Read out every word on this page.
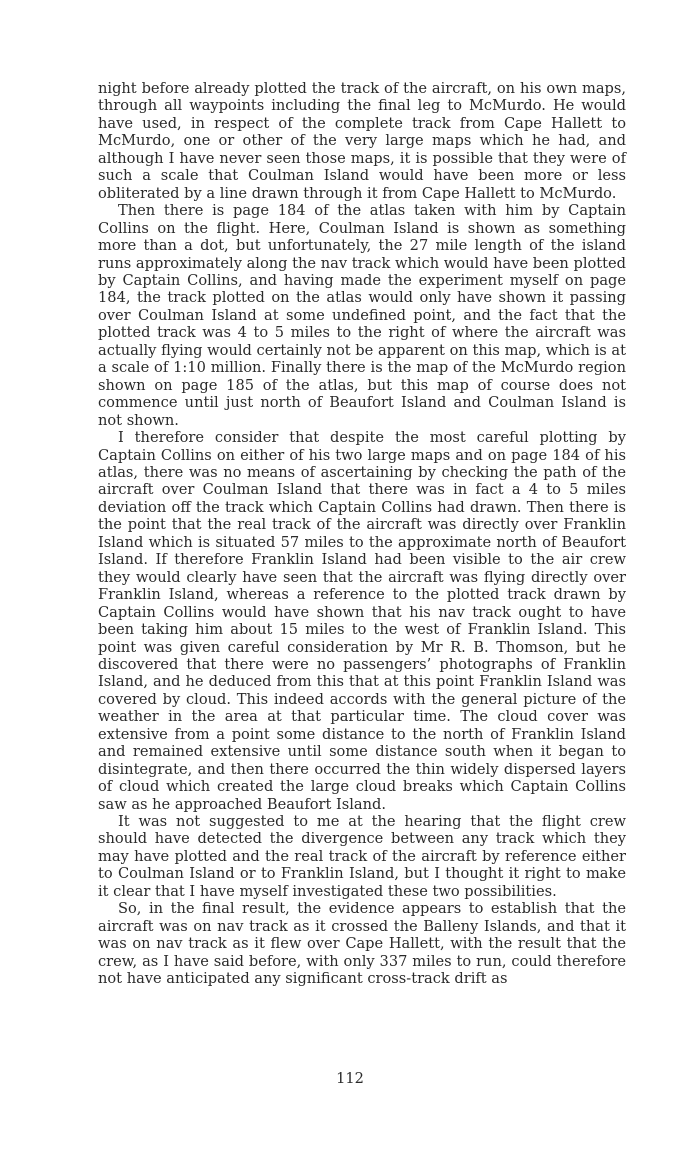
night before already plotted the track of the aircraft, on his own maps, through all waypoints including the final leg to McMurdo. He would have used, in respect of the complete track from Cape Hallett to McMurdo, one or other of the very large maps which he had, and although I have never seen those maps, it is possible that they were of such a scale that Coulman Island would have been more or less obliterated by a line drawn through it from Cape Hallett to McMurdo.

Then there is page 184 of the atlas taken with him by Captain Collins on the flight. Here, Coulman Island is shown as something more than a dot, but unfortunately, the 27 mile length of the island runs approximately along the nav track which would have been plotted by Captain Collins, and having made the experiment myself on page 184, the track plotted on the atlas would only have shown it passing over Coulman Island at some undefined point, and the fact that the plotted track was 4 to 5 miles to the right of where the aircraft was actually flying would certainly not be apparent on this map, which is at a scale of 1:10 million. Finally there is the map of the McMurdo region shown on page 185 of the atlas, but this map of course does not commence until just north of Beaufort Island and Coulman Island is not shown.

I therefore consider that despite the most careful plotting by Captain Collins on either of his two large maps and on page 184 of his atlas, there was no means of ascertaining by checking the path of the aircraft over Coulman Island that there was in fact a 4 to 5 miles deviation off the track which Captain Collins had drawn. Then there is the point that the real track of the aircraft was directly over Franklin Island which is situated 57 miles to the approximate north of Beaufort Island. If therefore Franklin Island had been visible to the air crew they would clearly have seen that the aircraft was flying directly over Franklin Island, whereas a reference to the plotted track drawn by Captain Collins would have shown that his nav track ought to have been taking him about 15 miles to the west of Franklin Island. This point was given careful consideration by Mr R. B. Thomson, but he discovered that there were no passengers’ photographs of Franklin Island, and he deduced from this that at this point Franklin Island was covered by cloud. This indeed accords with the general picture of the weather in the area at that particular time. The cloud cover was extensive from a point some distance to the north of Franklin Island and remained extensive until some distance south when it began to disintegrate, and then there occurred the thin widely dispersed layers of cloud which created the large cloud breaks which Captain Collins saw as he approached Beaufort Island.

It was not suggested to me at the hearing that the flight crew should have detected the divergence between any track which they may have plotted and the real track of the aircraft by reference either to Coulman Island or to Franklin Island, but I thought it right to make it clear that I have myself investigated these two possibilities.

So, in the final result, the evidence appears to establish that the aircraft was on nav track as it crossed the Balleny Islands, and that it was on nav track as it flew over Cape Hallett, with the result that the crew, as I have said before, with only 337 miles to run, could therefore not have anticipated any significant cross-track drift as

112
